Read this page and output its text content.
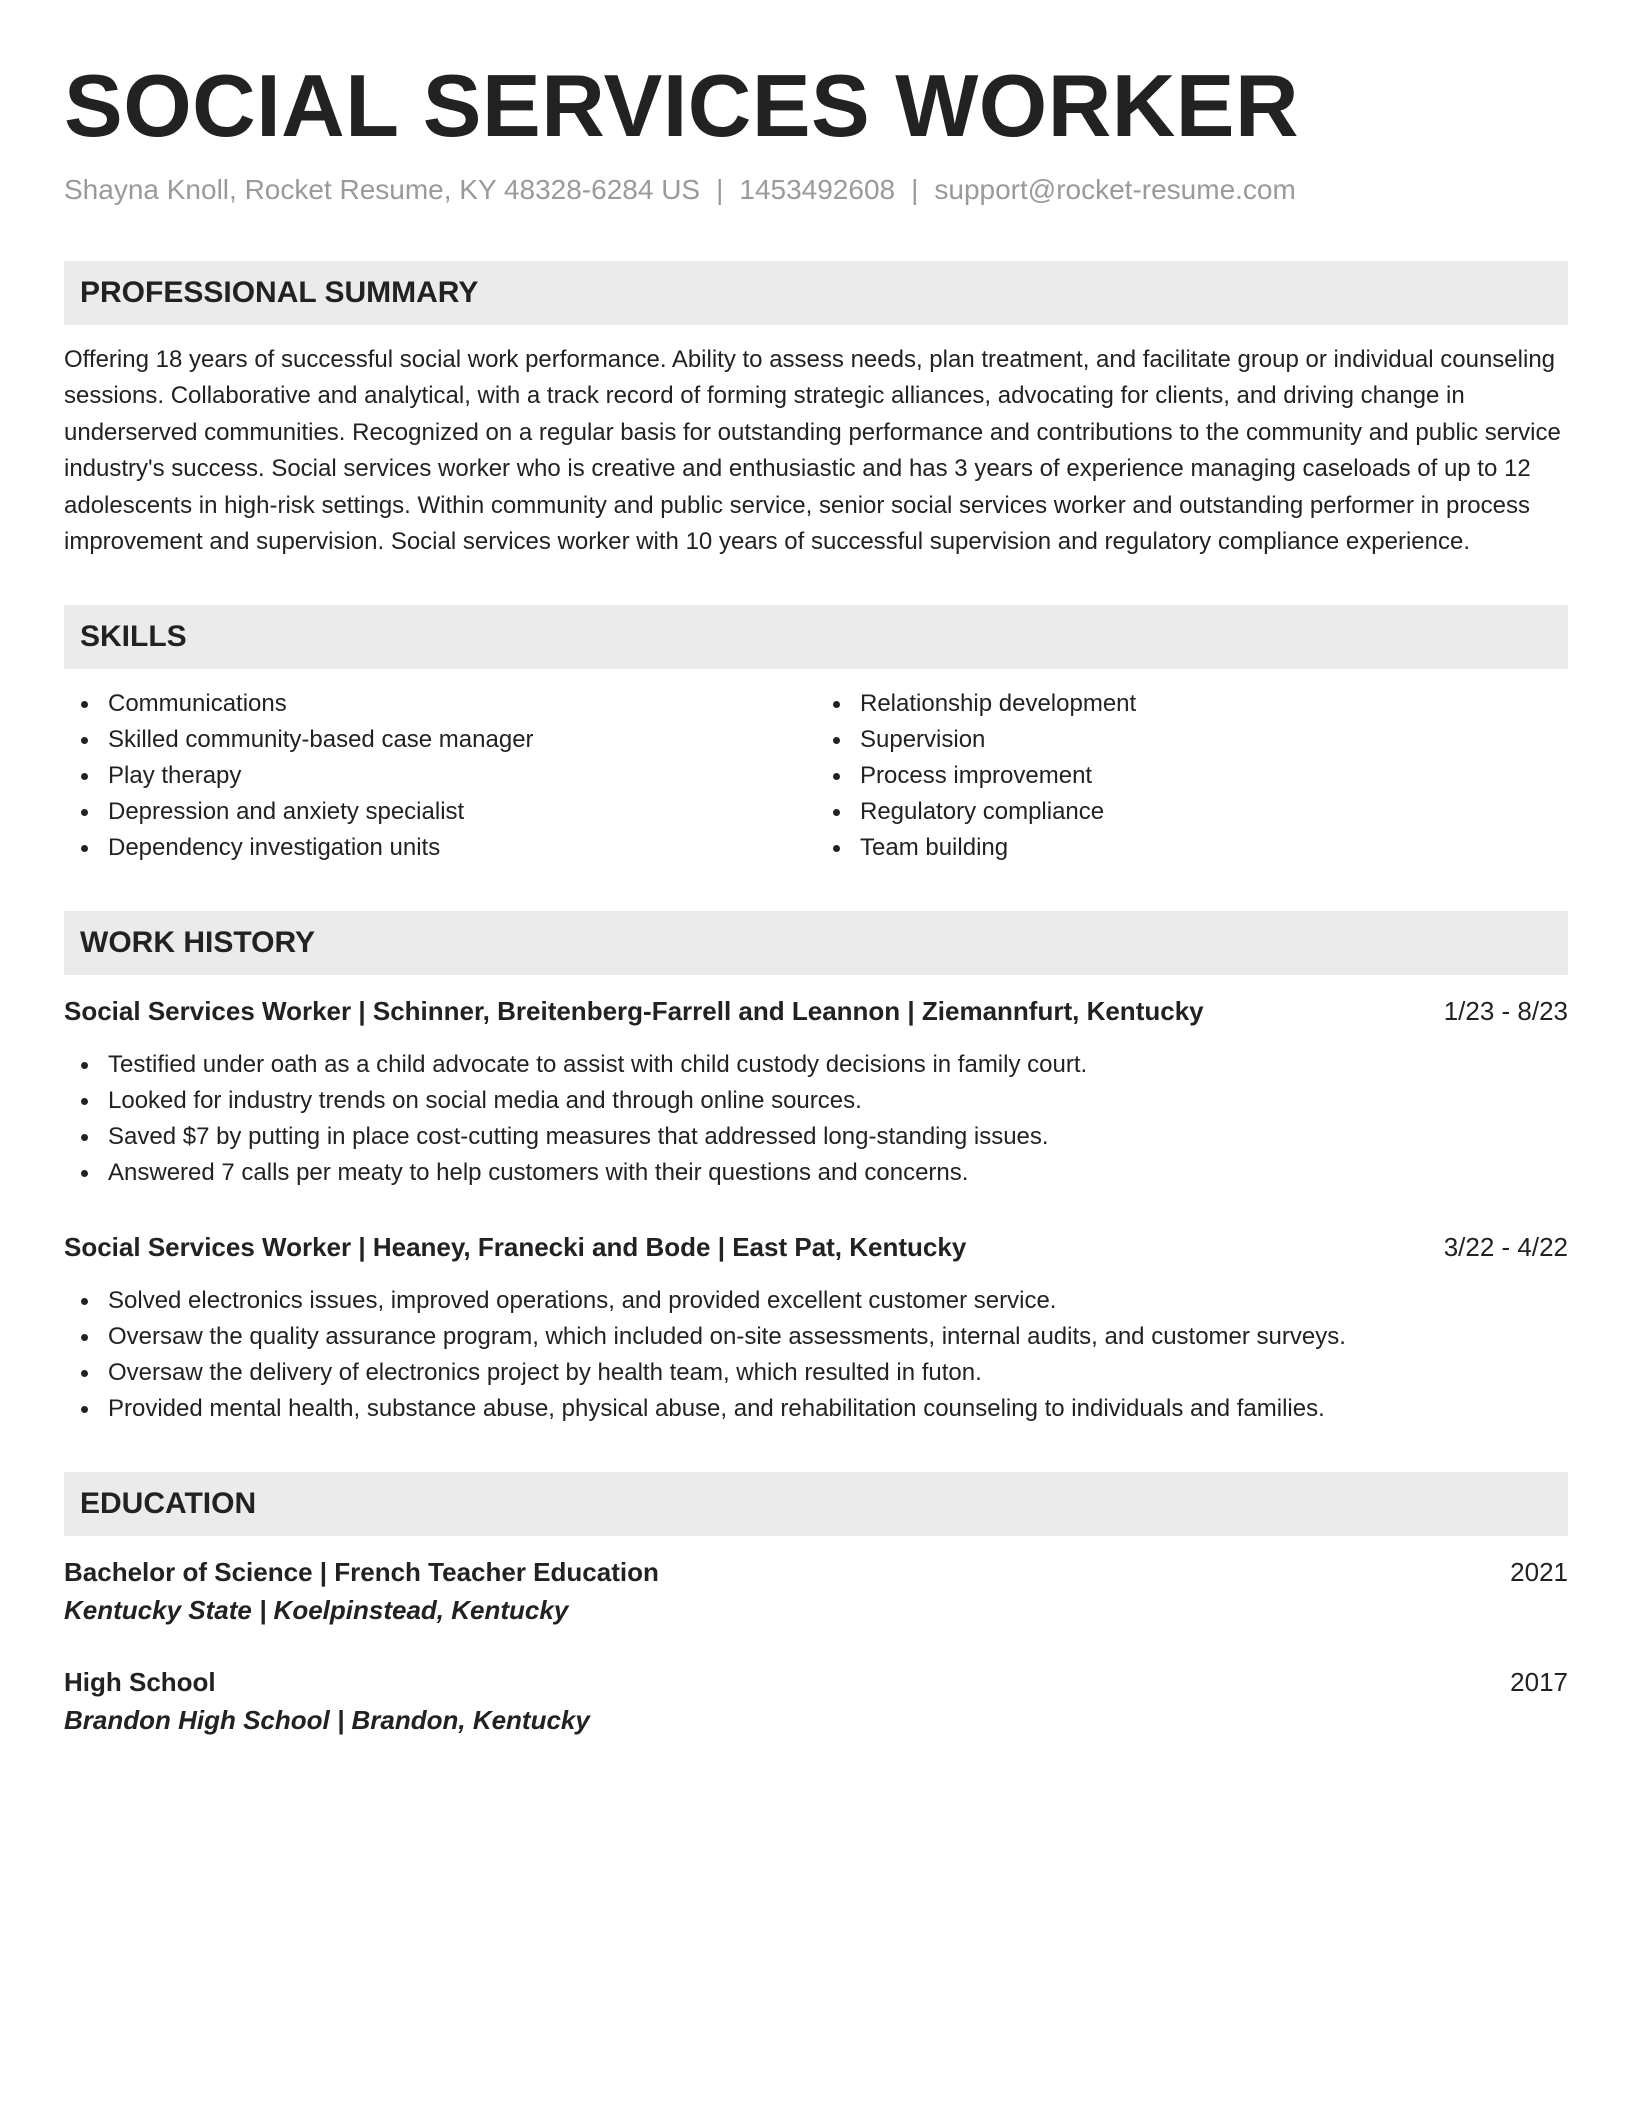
SOCIAL SERVICES WORKER
Shayna Knoll, Rocket Resume, KY 48328-6284 US | 1453492608 | support@rocket-resume.com
PROFESSIONAL SUMMARY

Offering 18 years of successful social work performance. Ability to assess needs, plan treatment, and facilitate group or individual counseling sessions. Collaborative and analytical, with a track record of forming strategic alliances, advocating for clients, and driving change in underserved communities. Recognized on a regular basis for outstanding performance and contributions to the community and public service industry's success. Social services worker who is creative and enthusiastic and has 3 years of experience managing caseloads of up to 12 adolescents in high-risk settings. Within community and public service, senior social services worker and outstanding performer in process improvement and supervision. Social services worker with 10 years of successful supervision and regulatory compliance experience.

SKILLS
Communications
Skilled community-based case manager
Play therapy
Depression and anxiety specialist
Dependency investigation units
Relationship development
Supervision
Process improvement
Regulatory compliance
Team building
WORK HISTORY
Social Services Worker | Schinner, Breitenberg-Farrell and Leannon | Ziemannfurt, Kentucky	1/23 - 8/23
Testified under oath as a child advocate to assist with child custody decisions in family court.
Looked for industry trends on social media and through online sources.
Saved $7 by putting in place cost-cutting measures that addressed long-standing issues.
Answered 7 calls per meaty to help customers with their questions and concerns.
Social Services Worker | Heaney, Franecki and Bode | East Pat, Kentucky	3/22 - 4/22
Solved electronics issues, improved operations, and provided excellent customer service.
Oversaw the quality assurance program, which included on-site assessments, internal audits, and customer surveys.
Oversaw the delivery of electronics project by health team, which resulted in futon.
Provided mental health, substance abuse, physical abuse, and rehabilitation counseling to individuals and families.
EDUCATION
Bachelor of Science | French Teacher Education	2021
Kentucky State | Koelpinstead, Kentucky
High School	2017
Brandon High School | Brandon, Kentucky
